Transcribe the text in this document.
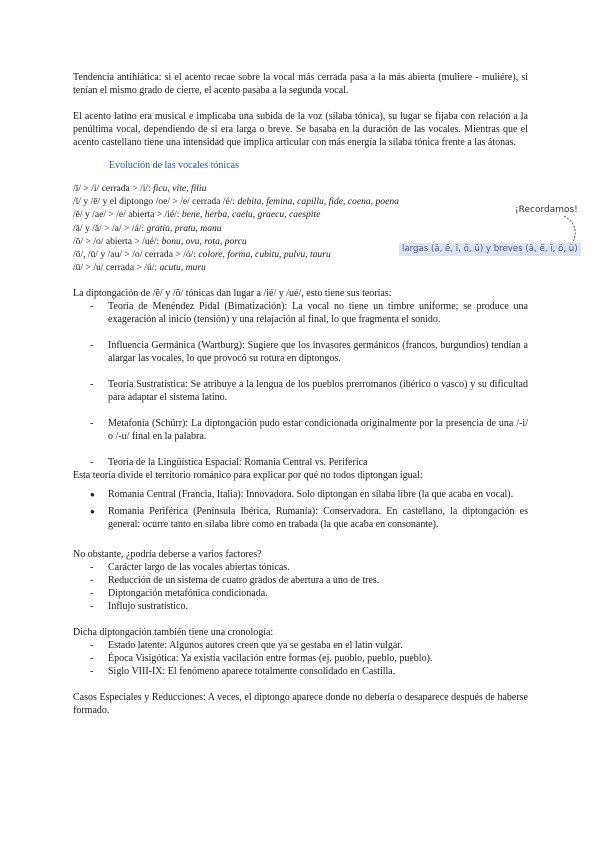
Tendencia antihiática: si el acento recae sobre la vocal más cerrada pasa a la más abierta (muliere - muliére), si tenían el mismo grado de cierre, el acento pasaba a la segunda vocal.

El acento latino era musical e implicaba una subida de la voz (sílaba tónica), su lugar se fijaba con relación a la penúltima vocal, dependiendo de si era larga o breve. Se basaba en la duración de las vocales. Mientras que el acento castellano tiene una intensidad que implica articular con más energía la sílaba tónica frente a las átonas.

Evolución de las vocales tónicas

/ī/ > /i/ cerrada > /í/: ficu, vite, filiu
/ĭ/ y /ē/ y el diptongo /oe/ > /e/ cerrada /é/: debita, femina, capillu, fide, coena, poena
/ĕ/ y /ae/ > /e/ abierta > /ié/: bene, herba, caelu, graecu, caespite
/ā/ y /ă/ > /a/ > /á/: gratia, pratu, manu
/ŏ/ > /o/ abierta > /ué/: bonu, ovu, rota, porcu
/ō/, /ŭ/ y /au/ > /o/ cerrada > /ó/: colore, forma, cubitu, pulvu, tauru
/ū/ > /u/ cerrada > /ú/: acutu, muru

La diptongación de /ĕ/ y /ŏ/ tónicas dan lugar a /ié/ y /ué/, esto tiene sus teorías:

- Teoría de Menéndez Pidal (Bimatización): La vocal no tiene un timbre uniforme; se produce una exageración al inicio (tensión) y una relajación al final, lo que fragmenta el sonido.
- Influencia Germánica (Wartburg): Sugiere que los invasores germánicos (francos, burgundios) tendían a alargar las vocales, lo que provocó su rotura en diptongos.
- Teoría Sustratística: Se atribuye a la lengua de los pueblos prerromanos (ibérico o vasco) y su dificultad para adaptar el sistema latino.
- Metafonía (Schürr): La diptongación pudo estar condicionada originalmente por la presencia de una /-i/ o /-u/ final en la palabra.
- Teoría de la Lingüística Espacial: Romania Central vs. Periferica

Esta teoría divide el territorio románico para explicar por qué no todos diptongan igual:

● Romania Central (Francia, Italia): Innovadora. Solo diptongan en sílaba libre (la que acaba en vocal).
● Romania Periférica (Península Ibérica, Rumanía): Conservadora. En castellano, la diptongación es general: ocurre tanto en sílaba libre como en trabada (la que acaba en consonante).

No obstante, ¿podría deberse a varios factores?

- Carácter largo de las vocales abiertas tónicas.
- Reducción de un sistema de cuatro grados de abertura a uno de tres.
- Diptongación metafónica condicionada.
- Influjo sustratístico.

Dicha diptongación también tiene una cronología:

- Estado latente: Algunos autores creen que ya se gestaba en el latín vulgar.
- Época Visigótica: Ya existía vacilación entre formas (ej. puoblo, pueblo, pueblo).
- Siglo VIII-IX: El fenómeno aparece totalmente consolidado en Castilla.

Casos Especiales y Reducciones: A veces, el diptongo aparece donde no debería o desaparece después de haberse formado.

¡Recordamos!
largas (ā, ē, ī, ō, ū) y breves (ă, ĕ, ĭ, ŏ, ŭ)
